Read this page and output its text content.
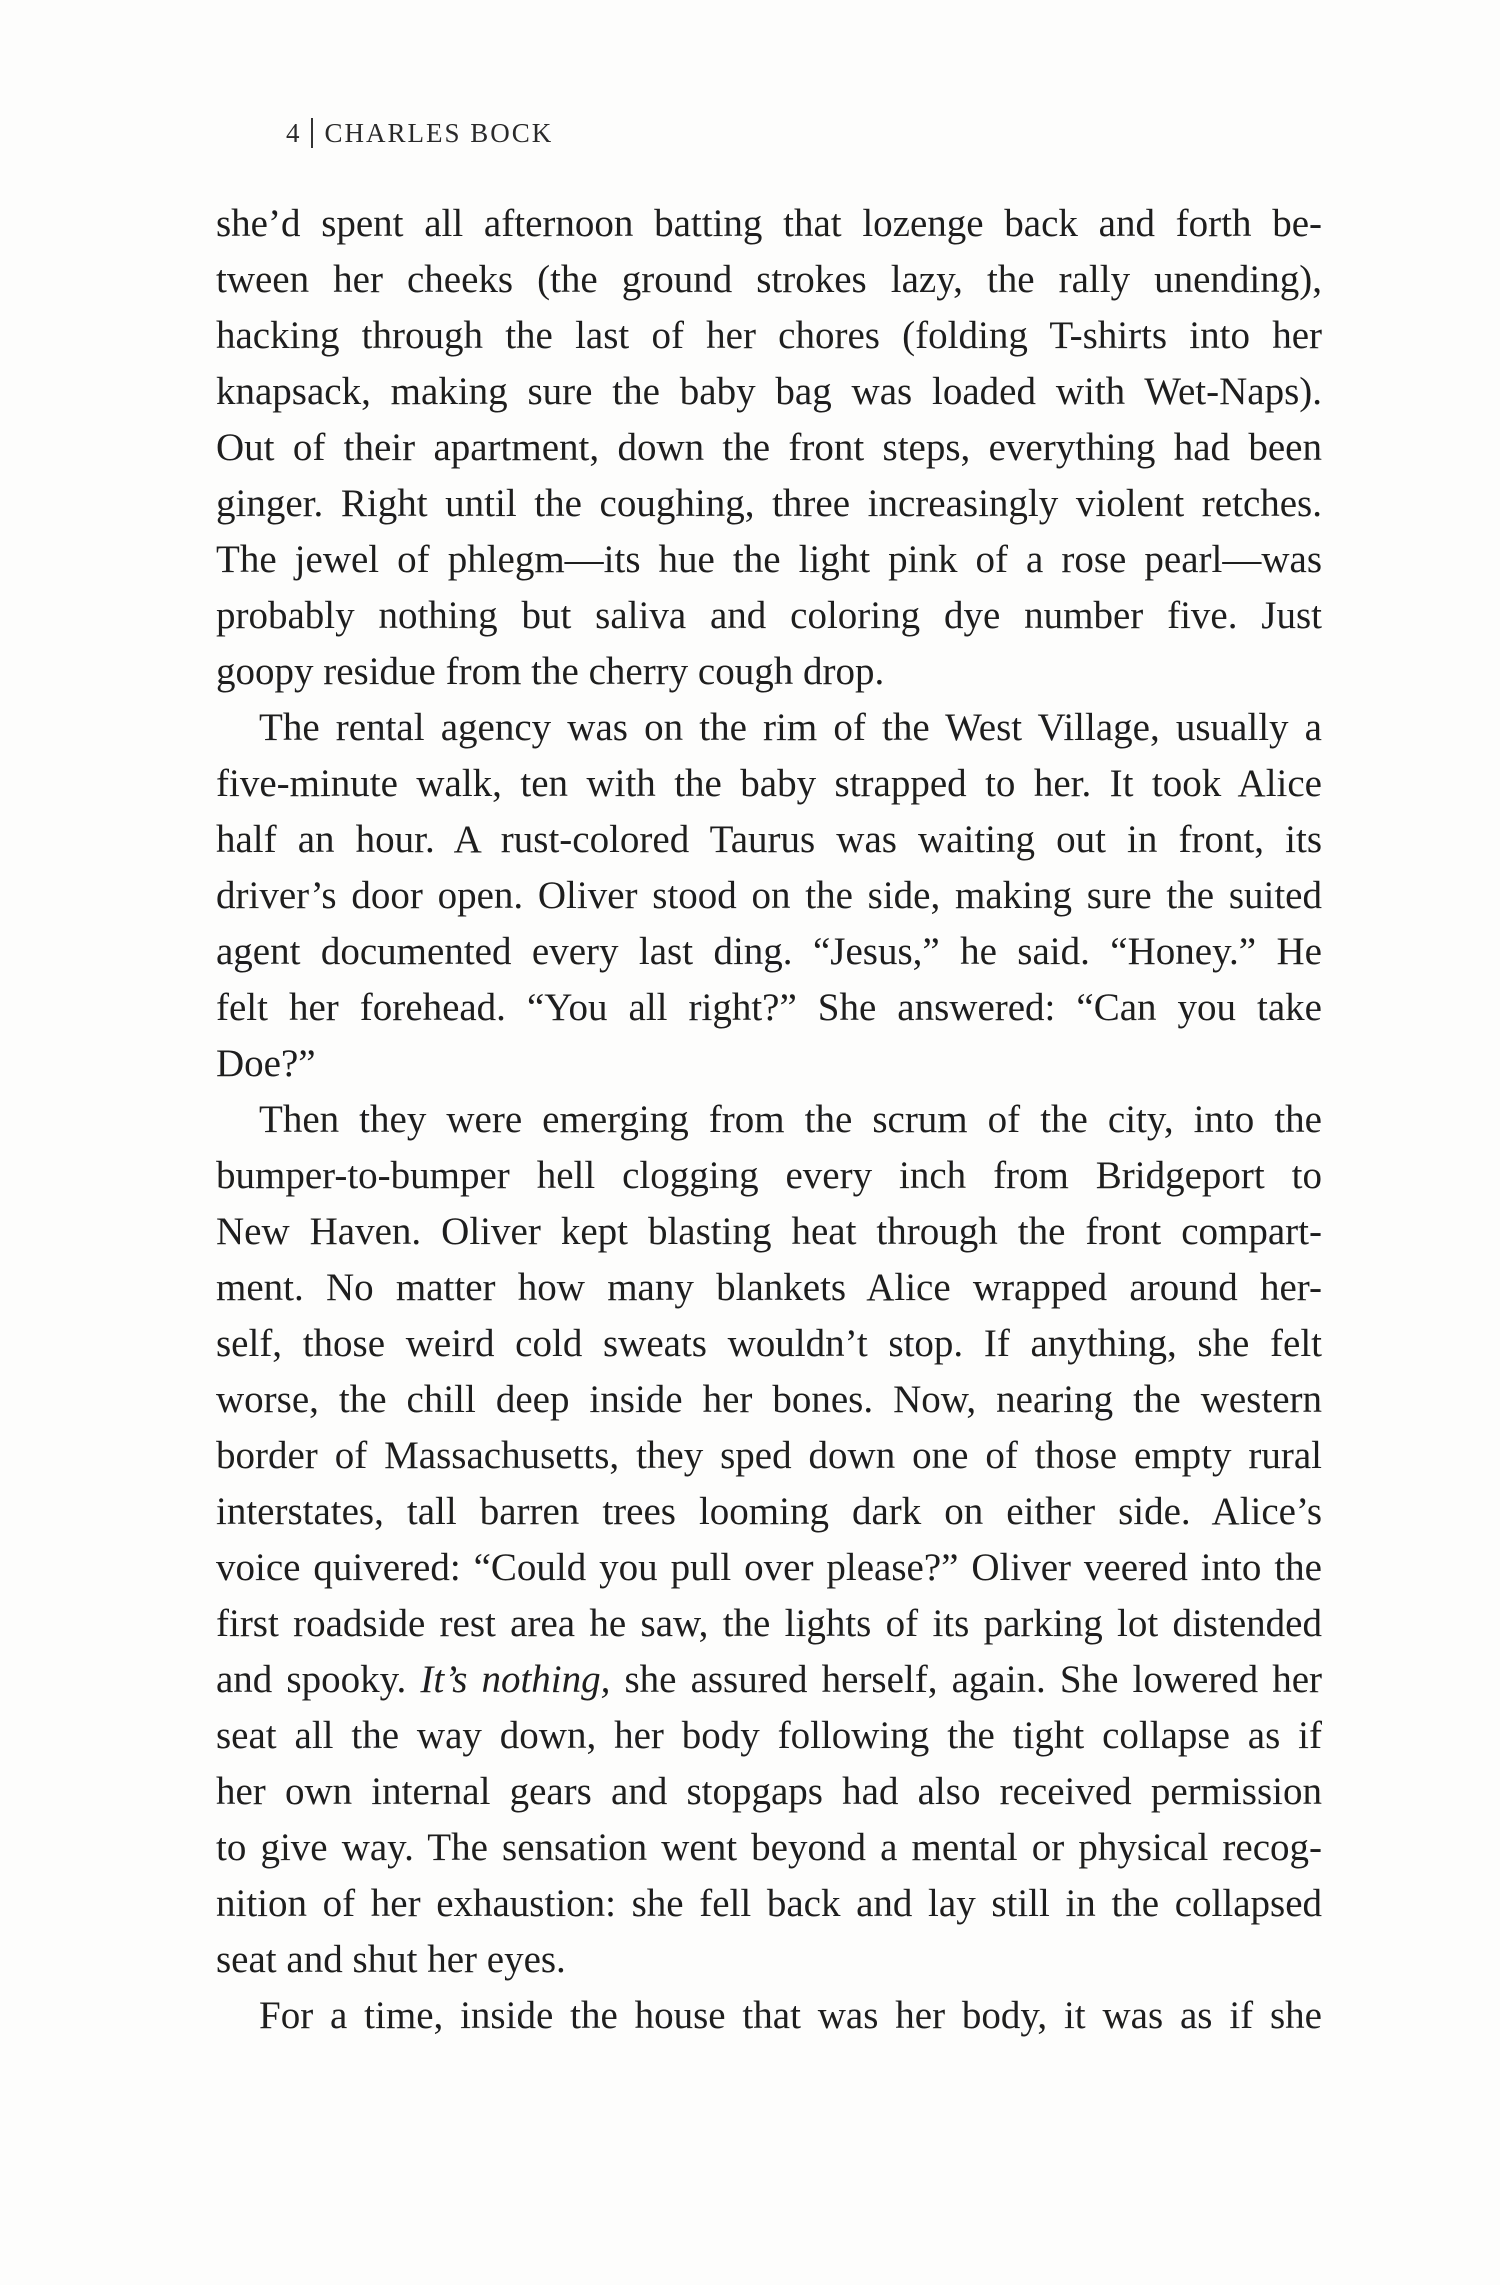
4 CHARLES BOCK

she’d spent all afternoon batting that lozenge back and forth be-
tween her cheeks (the ground strokes lazy, the rally unending),
hacking through the last of her chores (folding T-shirts into her
knapsack, making sure the baby bag was loaded with Wet-Naps).
Out of their apartment, down the front steps, everything had been
ginger. Right until the coughing, three increasingly violent retches.
The jewel of phlegm—its hue the light pink of a rose pearl—was
probably nothing but saliva and coloring dye number five. Just
goopy residue from the cherry cough drop.

The rental agency was on the rim of the West Village, usually a
five-minute walk, ten with the baby strapped to her. It took Alice
half an hour. A rust-colored Taurus was waiting out in front, its
driver’s door open. Oliver stood on the side, making sure the suited
agent documented every last ding. “Jesus,” he said. “Honey.” He
felt her forehead. “You all right?” She answered: “Can you take
Doe?”

Then they were emerging from the scrum of the city, into the
bumper-to-bumper hell clogging every inch from Bridgeport to
New Haven. Oliver kept blasting heat through the front compart-
ment. No matter how many blankets Alice wrapped around her-
self, those weird cold sweats wouldn’t stop. If anything, she felt
worse, the chill deep inside her bones. Now, nearing the western
border of Massachusetts, they sped down one of those empty rural
interstates, tall barren trees looming dark on either side. Alice’s
voice quivered: “Could you pull over please?” Oliver veered into the
first roadside rest area he saw, the lights of its parking lot distended
and spooky. It’s nothing, she assured herself, again. She lowered her
seat all the way down, her body following the tight collapse as if
her own internal gears and stopgaps had also received permission
to give way. The sensation went beyond a mental or physical recog-
nition of her exhaustion: she fell back and lay still in the collapsed
seat and shut her eyes.

For a time, inside the house that was her body, it was as if she
